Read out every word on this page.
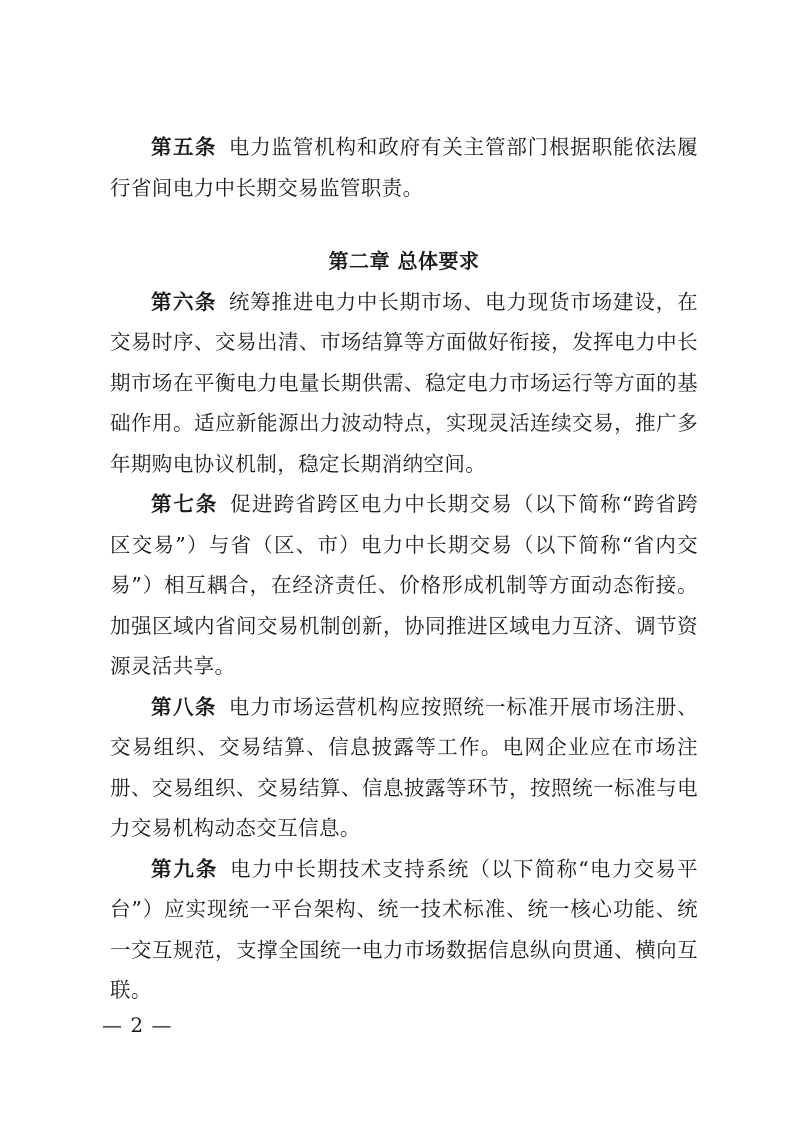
第五条 电力监管机构和政府有关主管部门根据职能依法履行省间电力中长期交易监管职责。

第二章 总体要求

第六条 统筹推进电力中长期市场、电力现货市场建设，在交易时序、交易出清、市场结算等方面做好衔接，发挥电力中长期市场在平衡电力电量长期供需、稳定电力市场运行等方面的基础作用。适应新能源出力波动特点，实现灵活连续交易，推广多年期购电协议机制，稳定长期消纳空间。

第七条 促进跨省跨区电力中长期交易（以下简称“跨省跨区交易”）与省（区、市）电力中长期交易（以下简称“省内交易”）相互耦合，在经济责任、价格形成机制等方面动态衔接。加强区域内省间交易机制创新，协同推进区域电力互济、调节资源灵活共享。

第八条 电力市场运营机构应按照统一标准开展市场注册、交易组织、交易结算、信息披露等工作。电网企业应在市场注册、交易组织、交易结算、信息披露等环节，按照统一标准与电力交易机构动态交互信息。

第九条 电力中长期技术支持系统（以下简称“电力交易平台”）应实现统一平台架构、统一技术标准、统一核心功能、统一交互规范，支撑全国统一电力市场数据信息纵向贯通、横向互联。

— 2 —
